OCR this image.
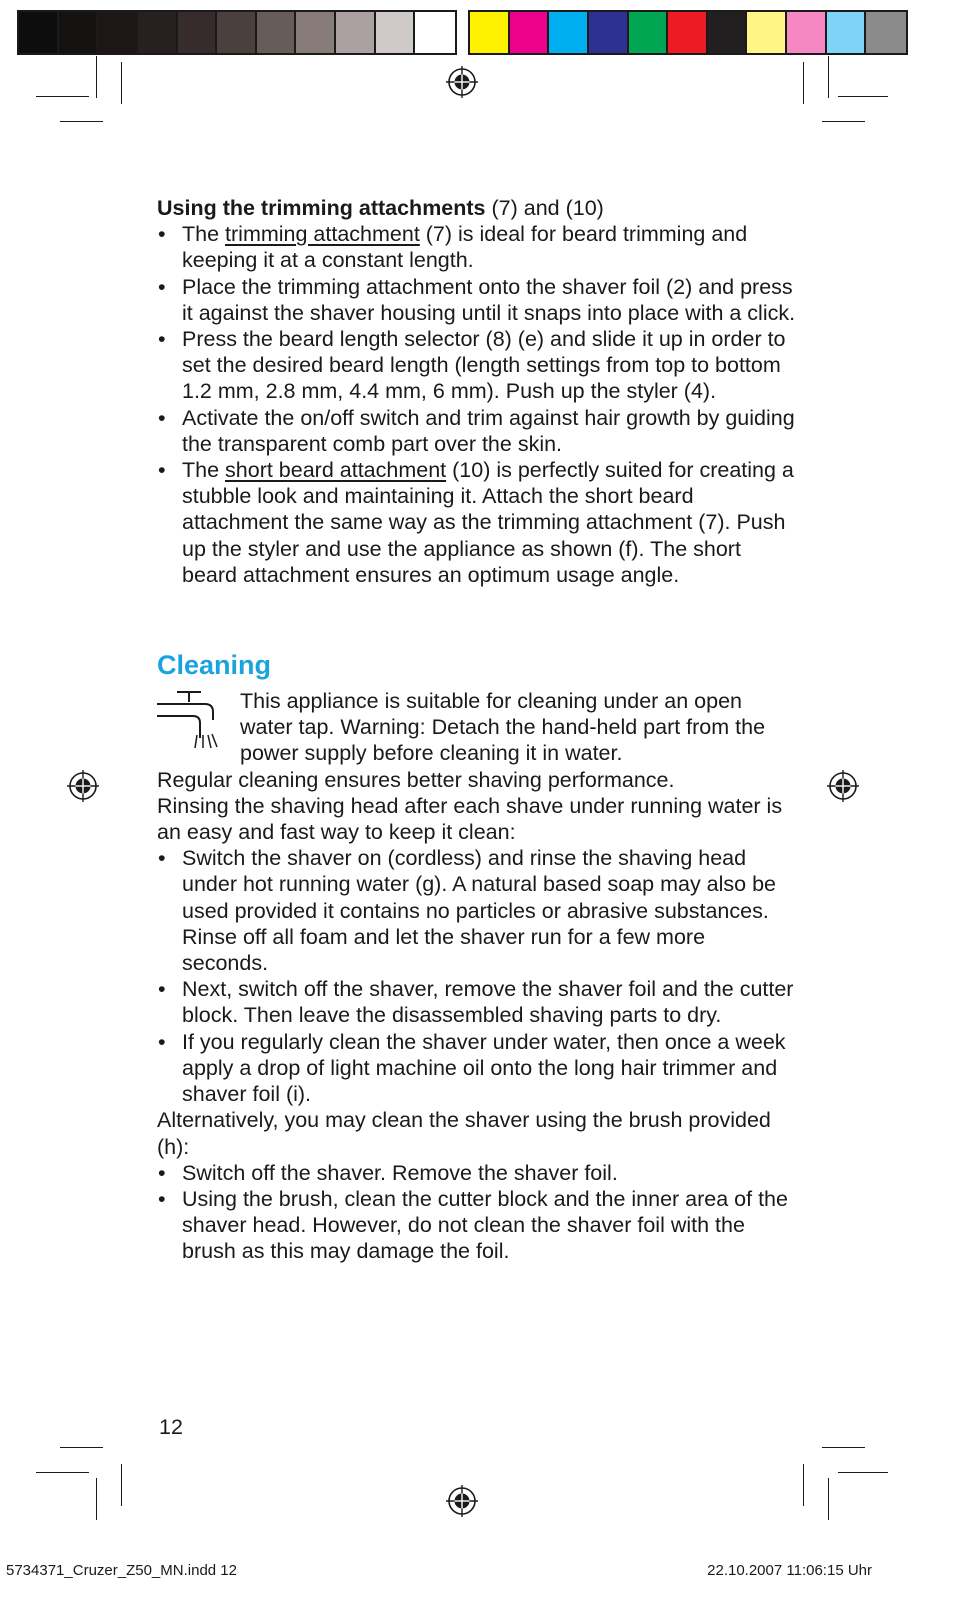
Using the trimming attachments (7) and (10)

• The trimming attachment (7) is ideal for beard trimming and keeping it at a constant length.
• Place the trimming attachment onto the shaver foil (2) and press it against the shaver housing until it snaps into place with a click.
• Press the beard length selector (8) (e) and slide it up in order to set the desired beard length (length settings from top to bottom 1.2 mm, 2.8 mm, 4.4 mm, 6 mm). Push up the styler (4).
• Activate the on/off switch and trim against hair growth by guiding the transparent comb part over the skin.
• The short beard attachment (10) is perfectly suited for creating a stubble look and maintaining it. Attach the short beard attachment the same way as the trimming attachment (7). Push up the styler and use the appliance as shown (f). The short beard attachment ensures an optimum usage angle.
Cleaning

This appliance is suitable for cleaning under an open water tap. Warning: Detach the hand-held part from the power supply before cleaning it in water.

Regular cleaning ensures better shaving performance.

Rinsing the shaving head after each shave under running water is an easy and fast way to keep it clean:

• Switch the shaver on (cordless) and rinse the shaving head under hot running water (g). A natural based soap may also be used provided it contains no particles or abrasive substances. Rinse off all foam and let the shaver run for a few more seconds.
• Next, switch off the shaver, remove the shaver foil and the cutter block. Then leave the disassembled shaving parts to dry.
• If you regularly clean the shaver under water, then once a week apply a drop of light machine oil onto the long hair trimmer and shaver foil (i).

Alternatively, you may clean the shaver using the brush provided (h):

• Switch off the shaver. Remove the shaver foil.
• Using the brush, clean the cutter block and the inner area of the shaver head. However, do not clean the shaver foil with the brush as this may damage the foil.
12
5734371_Cruzer_Z50_MN.indd 12	22.10.2007 11:06:15 Uhr
